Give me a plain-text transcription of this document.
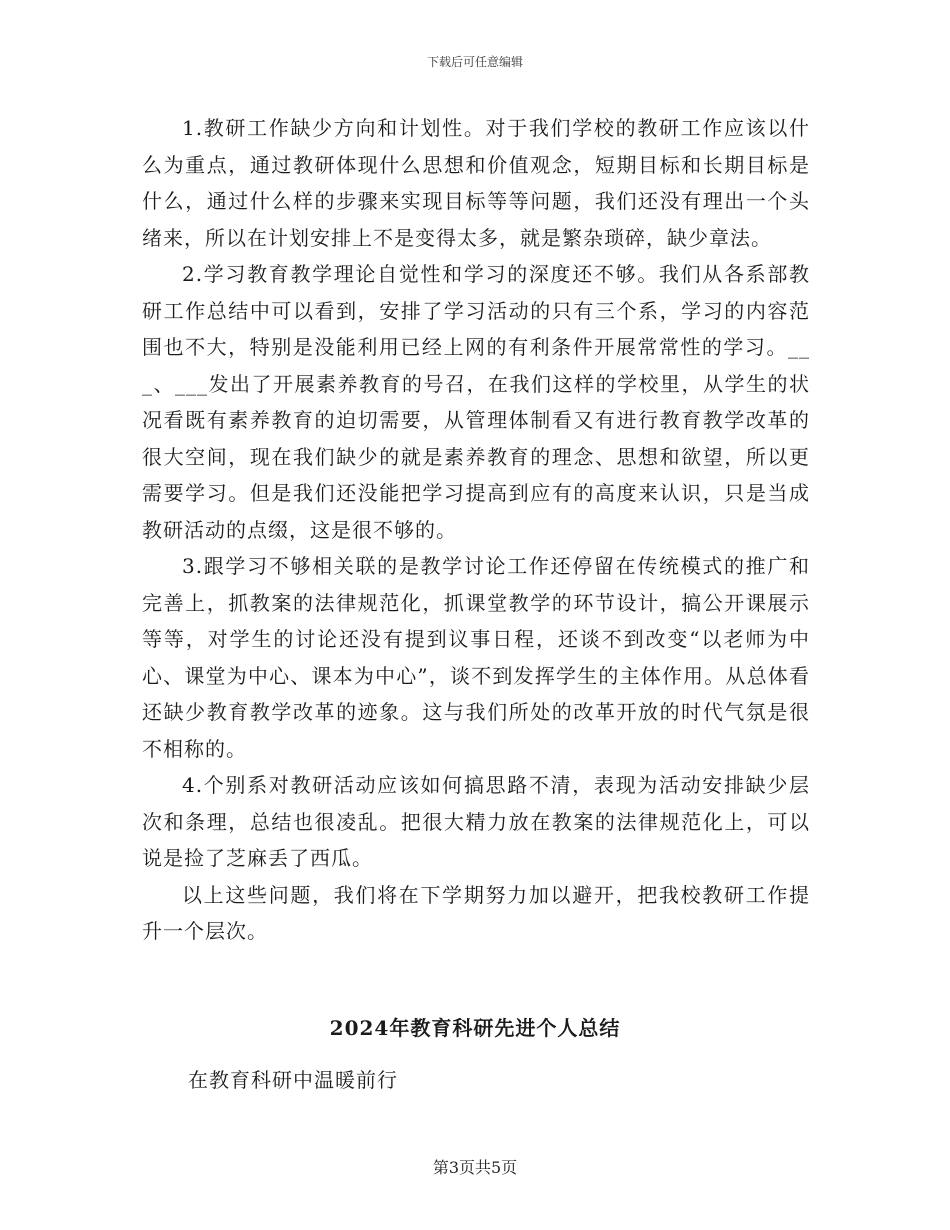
下载后可任意编辑

1.教研工作缺少方向和计划性。对于我们学校的教研工作应该以什么为重点，通过教研体现什么思想和价值观念，短期目标和长期目标是什么，通过什么样的步骤来实现目标等等问题，我们还没有理出一个头绪来，所以在计划安排上不是变得太多，就是繁杂琐碎，缺少章法。

2.学习教育教学理论自觉性和学习的深度还不够。我们从各系部教研工作总结中可以看到，安排了学习活动的只有三个系，学习的内容范围也不大，特别是没能利用已经上网的有利条件开展常常性的学习。___、___发出了开展素养教育的号召，在我们这样的学校里，从学生的状况看既有素养教育的迫切需要，从管理体制看又有进行教育教学改革的很大空间，现在我们缺少的就是素养教育的理念、思想和欲望，所以更需要学习。但是我们还没能把学习提高到应有的高度来认识，只是当成教研活动的点缀，这是很不够的。

3.跟学习不够相关联的是教学讨论工作还停留在传统模式的推广和完善上，抓教案的法律规范化，抓课堂教学的环节设计，搞公开课展示等等，对学生的讨论还没有提到议事日程，还谈不到改变“以老师为中心、课堂为中心、课本为中心”，谈不到发挥学生的主体作用。从总体看还缺少教育教学改革的迹象。这与我们所处的改革开放的时代气氛是很不相称的。

4.个别系对教研活动应该如何搞思路不清，表现为活动安排缺少层次和条理，总结也很凌乱。把很大精力放在教案的法律规范化上，可以说是捡了芝麻丢了西瓜。

以上这些问题，我们将在下学期努力加以避开，把我校教研工作提升一个层次。

2024年教育科研先进个人总结
在教育科研中温暖前行
第3页共5页
